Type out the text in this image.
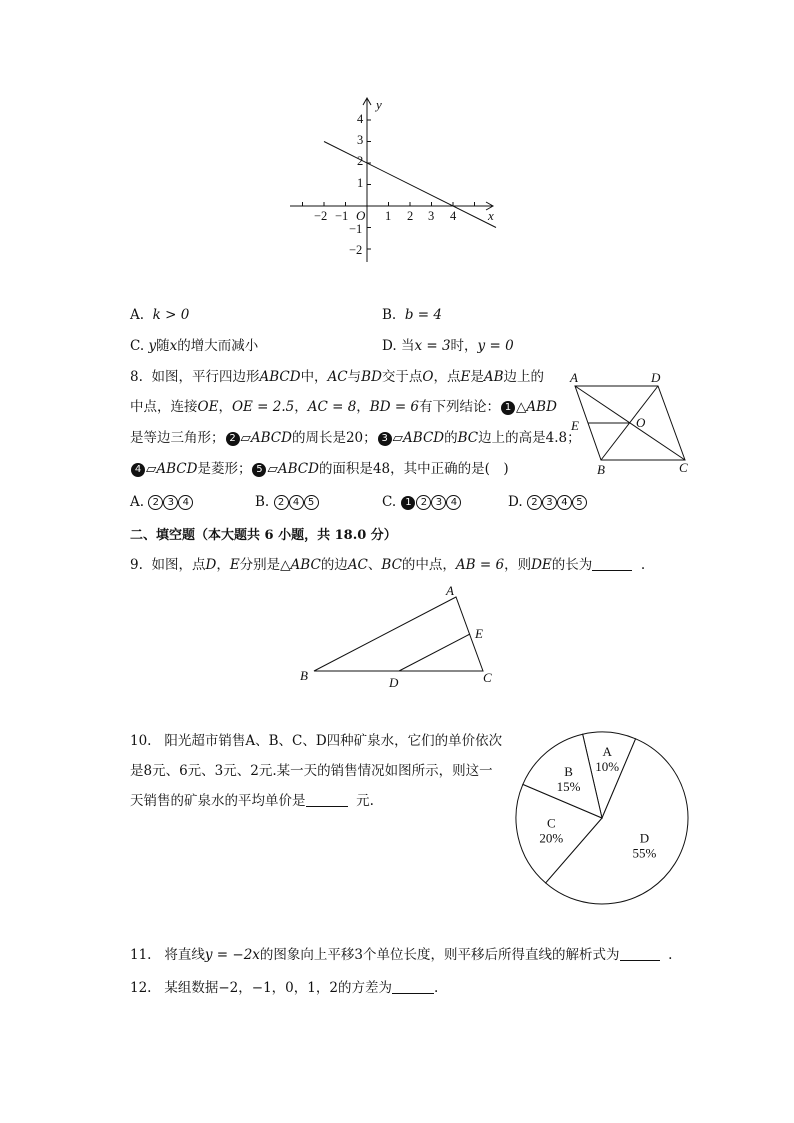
y
x
O
−2 −1	1 2 3 4
4
3
2
1
−1
−2
A. k > 0	B. b = 4
C. y随x的增大而减小	D. 当x = 3时，y = 0
8. 如图，平行四边形ABCD中，AC与BD交于点O，点E是AB边上的
中点，连接OE，OE = 2.5，AC = 8，BD = 6有下列结论： 1 △ABD
是等边三角形； 2 ▱ABCD的周长是20； 3 ▱ABCD的BC边上的高是4.8；
4 ▱ABCD是菱形； 5 ▱ABCD的面积是48，其中正确的是(　)
A. 2 3 4	B. 2 4 5	C. 1 2 3 4	D. 2 3 4 5
A	D
E	O
B	C
二、填空题（本大题共 6 小题，共 18.0 分）
9. 如图，点D，E分别是△ABC的边AC、BC的中点，AB = 6，则DE的长为	.
A
E
B	D	C
10. 阳光超市销售A、B、C、D四种矿泉水，它们的单价依次
是8元、6元、3元、2元.某一天的销售情况如图所示，则这一
天销售的矿泉水的平均单价是	元.
A
10%
B
15%
C
20%	D
55%
11. 将直线y = −2x的图象向上平移3个单位长度，则平移后所得直线的解析式为	.
12. 某组数据−2，−1，0，1，2的方差为	.
